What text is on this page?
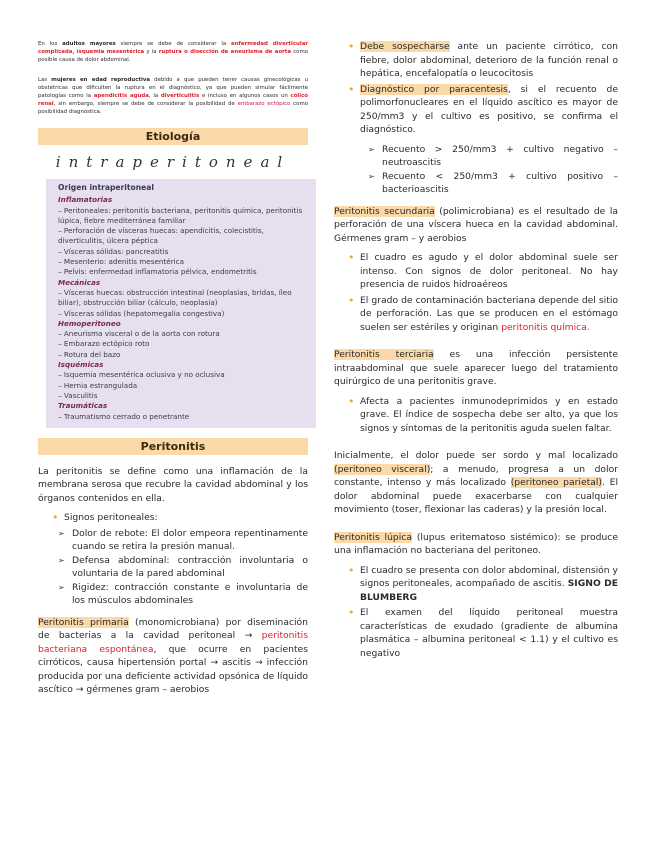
En los adultos mayores siempre se debe de considerar la enfermedad diverticular complicada, isquemia mesentérica y la ruptura o disección de aneurisma de aorta como posible causa de dolor abdominal.

Las mujeres en edad reproductiva debido a que pueden tener causas ginecológicas u obstétricas que dificulten la ruptura en el diagnóstico, ya que pueden simular fácilmente patologías como la apendicitis aguda, la diverticulitis e incluso en algunos casos un cólico renal, sin embargo, siempre se debe de considerar la posibilidad de embarazo ectópico como posibilidad diagnóstica.

Etiología
intraperitoneal
Origen intraperitoneal
Inflamatorias
– Peritoneales: peritonitis bacteriana, peritonitis química, peritonitis lúpica, fiebre mediterránea familiar
– Perforación de vísceras huecas: apendicitis, colecistitis, diverticulitis, úlcera péptica
– Vísceras sólidas: pancreatitis
– Mesenterio: adenitis mesentérica
– Pelvis: enfermedad inflamatoria pélvica, endometritis
Mecánicas
– Vísceras huecas: obstrucción intestinal (neoplasias, bridas, íleo biliar), obstrucción biliar (cálculo, neoplasia)
– Vísceras sólidas (hepatomegalia congestiva)
Hemoperitoneo
– Aneurisma visceral o de la aorta con rotura
– Embarazo ectópico roto
– Rotura del bazo
Isquémicas
– Isquemia mesentérica oclusiva y no oclusiva
– Hernia estrangulada
– Vasculitis
Traumáticas
– Traumatismo cerrado o penetrante
Peritonitis

La peritonitis se define como una inflamación de la membrana serosa que recubre la cavidad abdominal y los órganos contenidos en ella.

• Signos peritoneales:
➢ Dolor de rebote: El dolor empeora repentinamente cuando se retira la presión manual.
➢ Defensa abdominal: contracción involuntaria o voluntaria de la pared abdominal
➢ Rigidez: contracción constante e involuntaria de los músculos abdominales

Peritonitis primaria (monomicrobiana) por diseminación de bacterias a la cavidad peritoneal → peritonitis bacteriana espontánea, que ocurre en pacientes cirróticos, causa hipertensión portal → ascitis → infección producida por una deficiente actividad opsónica de líquido ascítico → gérmenes gram – aerobios

• Debe sospecharse ante un paciente cirrótico, con fiebre, dolor abdominal, deterioro de la función renal o hepática, encefalopatía o leucocitosis
• Diagnóstico por paracentesis, si el recuento de polimorfonucleares en el líquido ascítico es mayor de 250/mm3 y el cultivo es positivo, se confirma el diagnóstico.
➢ Recuento > 250/mm3 + cultivo negativo – neutroascitis
➢ Recuento < 250/mm3 + cultivo positivo – bacterioascitis

Peritonitis secundaria (polimicrobiana) es el resultado de la perforación de una víscera hueca en la cavidad abdominal. Gérmenes gram – y aerobios

• El cuadro es agudo y el dolor abdominal suele ser intenso. Con signos de dolor peritoneal. No hay presencia de ruidos hidroaéreos
• El grado de contaminación bacteriana depende del sitio de perforación. Las que se producen en el estómago suelen ser estériles y originan peritonitis química.

Peritonitis terciaria es una infección persistente intraabdominal que suele aparecer luego del tratamiento quirúrgico de una peritonitis grave.

• Afecta a pacientes inmunodeprimidos y en estado grave. El índice de sospecha debe ser alto, ya que los signos y síntomas de la peritonitis aguda suelen faltar.

Inicialmente, el dolor puede ser sordo y mal localizado (peritoneo visceral); a menudo, progresa a un dolor constante, intenso y más localizado (peritoneo parietal). El dolor abdominal puede exacerbarse con cualquier movimiento (toser, flexionar las caderas) y la presión local.

Peritonitis lúpica (lupus eritematoso sistémico): se produce una inflamación no bacteriana del peritoneo.

• El cuadro se presenta con dolor abdominal, distensión y signos peritoneales, acompañado de ascitis. SIGNO DE BLUMBERG
• El examen del líquido peritoneal muestra características de exudado (gradiente de albumina plasmática – albumina peritoneal < 1.1) y el cultivo es negativo
